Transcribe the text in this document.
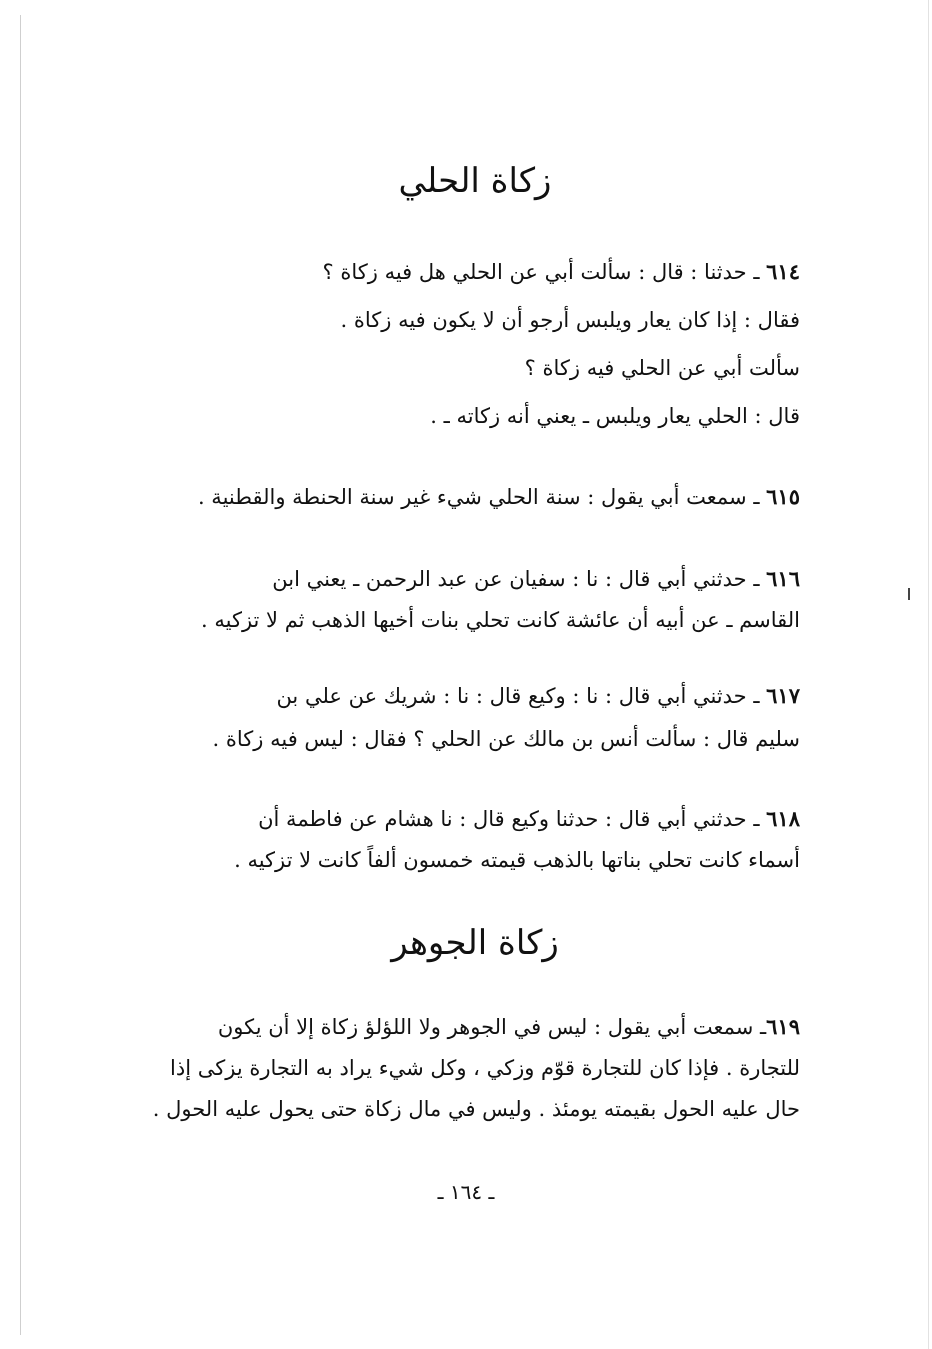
زكاة الحلي

٦١٤ ـ حدثنا : قال : سألت أبي عن الحلي هل فيه زكاة ؟

فقال : إذا كان يعار ويلبس أرجو أن لا يكون فيه زكاة .

سألت أبي عن الحلي فيه زكاة ؟

قال : الحلي يعار ويلبس ـ يعني أنه زكاته ـ .

٦١٥ ـ سمعت أبي يقول : سنة الحلي شيء غير سنة الحنطة والقطنية .

٦١٦ ـ حدثني أبي قال : نا : سفيان عن عبد الرحمن ـ يعني ابن

القاسم ـ عن أبيه أن عائشة كانت تحلي بنات أخيها الذهب ثم لا تزكيه .

٦١٧ ـ حدثني أبي قال : نا : وكيع قال : نا : شريك عن علي بن

سليم قال : سألت أنس بن مالك عن الحلي ؟ فقال : ليس فيه زكاة .

٦١٨ ـ حدثني أبي قال : حدثنا وكيع قال : نا هشام عن فاطمة أن

أسماء كانت تحلي بناتها بالذهب قيمته خمسون ألفاً كانت لا تزكيه .

زكاة الجوهر

٦١٩ـ سمعت أبي يقول : ليس في الجوهر ولا اللؤلؤ زكاة إلا أن يكون

للتجارة . فإذا كان للتجارة قوّم وزكي ، وكل شيء يراد به التجارة يزكى إذا

حال عليه الحول بقيمته يومئذ . وليس في مال زكاة حتى يحول عليه الحول .

ـ ١٦٤ ـ
